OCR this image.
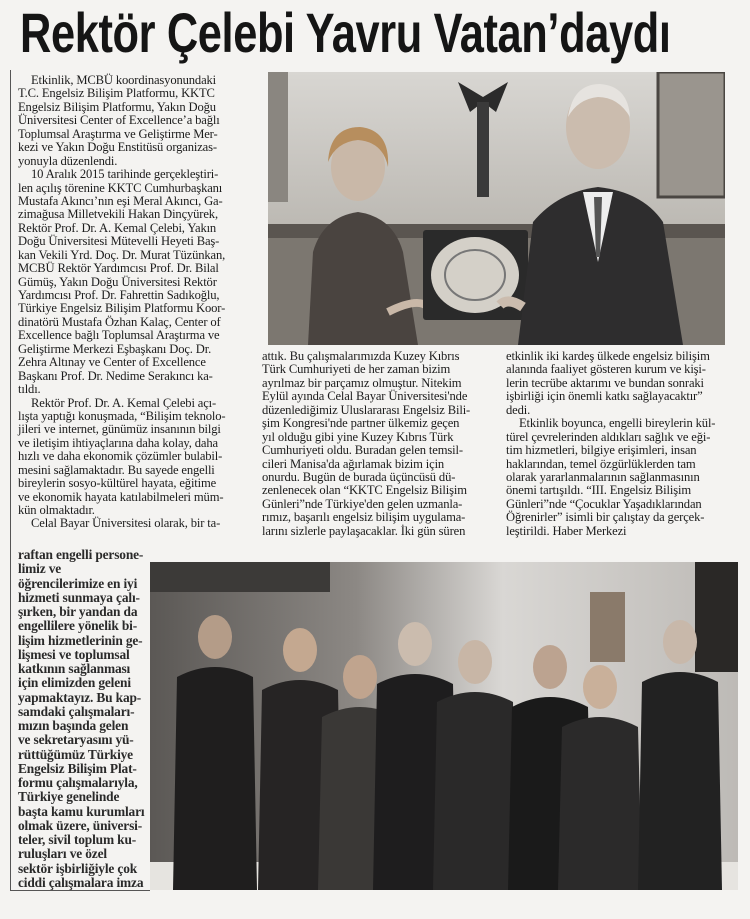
Rektör Çelebi Yavru Vatan’daydı
Etkinlik, MCBÜ koordinasyonundaki
T.C. Engelsiz Bilişim Platformu, KKTC
Engelsiz Bilişim Platformu, Yakın Doğu
Üniversitesi Center of Excellence’a bağlı
Toplumsal Araştırma ve Geliştirme Mer-
kezi ve Yakın Doğu Enstitüsü organizas-
yonuyla düzenlendi.
10 Aralık 2015 tarihinde gerçekleştiri-
len açılış törenine KKTC Cumhurbaşkanı
Mustafa Akıncı’nın eşi Meral Akıncı, Ga-
zimağusa Milletvekili Hakan Dinçyürek,
Rektör Prof. Dr. A. Kemal Çelebi, Yakın
Doğu Üniversitesi Mütevelli Heyeti Baş-
kan Vekili Yrd. Doç. Dr. Murat Tüzünkan,
MCBÜ Rektör Yardımcısı Prof. Dr. Bilal
Gümüş, Yakın Doğu Üniversitesi Rektör
Yardımcısı Prof. Dr. Fahrettin Sadıkoğlu,
Türkiye Engelsiz Bilişim Platformu Koor-
dinatörü Mustafa Özhan Kalaç, Center of
Excellence bağlı Toplumsal Araştırma ve
Geliştirme Merkezi Eşbaşkanı Doç. Dr.
Zehra Altınay ve Center of Excellence
Başkanı Prof. Dr. Nedime Serakıncı ka-
tıldı.
Rektör Prof. Dr. A. Kemal Çelebi açı-
lışta yaptığı konuşmada, “Bilişim teknolo-
jileri ve internet, günümüz insanının bilgi
ve iletişim ihtiyaçlarına daha kolay, daha
hızlı ve daha ekonomik çözümler bulabil-
mesini sağlamaktadır. Bu sayede engelli
bireylerin sosyo-kültürel hayata, eğitime
ve ekonomik hayata katılabilmeleri müm-
kün olmaktadır.
Celal Bayar Üniversitesi olarak, bir ta-
raftan engelli persone-
limiz ve
öğrencilerimize en iyi
hizmeti sunmaya çalı-
şırken, bir yandan da
engellilere yönelik bi-
lişim hizmetlerinin ge-
lişmesi ve toplumsal
katkının sağlanması
için elimizden geleni
yapmaktayız. Bu kap-
samdaki çalışmaları-
mızın başında gelen
ve sekretaryasını yü-
rüttüğümüz Türkiye
Engelsiz Bilişim Plat-
formu çalışmalarıyla,
Türkiye genelinde
başta kamu kurumları
olmak üzere, üniversi-
teler, sivil toplum ku-
ruluşları ve özel
sektör işbirliğiyle çok
ciddi çalışmalara imza
attık. Bu çalışmalarımızda Kuzey Kıbrıs
Türk Cumhuriyeti de her zaman bizim
ayrılmaz bir parçamız olmuştur. Nitekim
Eylül ayında Celal Bayar Üniversitesi'nde
düzenlediğimiz Uluslararası Engelsiz Bili-
şim Kongresi'nde partner ülkemiz geçen
yıl olduğu gibi yine Kuzey Kıbrıs Türk
Cumhuriyeti oldu. Buradan gelen temsil-
cileri Manisa'da ağırlamak bizim için
onurdu. Bugün de burada üçüncüsü dü-
zenlenecek olan “KKTC Engelsiz Bilişim
Günleri”nde Türkiye'den gelen uzmanla-
rımız, başarılı engelsiz bilişim uygulama-
larını sizlerle paylaşacaklar. İki gün süren
etkinlik iki kardeş ülkede engelsiz bilişim
alanında faaliyet gösteren kurum ve kişi-
lerin tecrübe aktarımı ve bundan sonraki
işbirliği için önemli katkı sağlayacaktır”
dedi.
Etkinlik boyunca, engelli bireylerin kül-
türel çevrelerinden aldıkları sağlık ve eği-
tim hizmetleri, bilgiye erişimleri, insan
haklarından, temel özgürlüklerden tam
olarak yararlanmalarının sağlanmasının
önemi tartışıldı. “III. Engelsiz Bilişim
Günleri”nde “Çocuklar Yaşadıklarından
Öğrenirler” isimli bir çalıştay da gerçek-
leştirildi. Haber Merkezi
